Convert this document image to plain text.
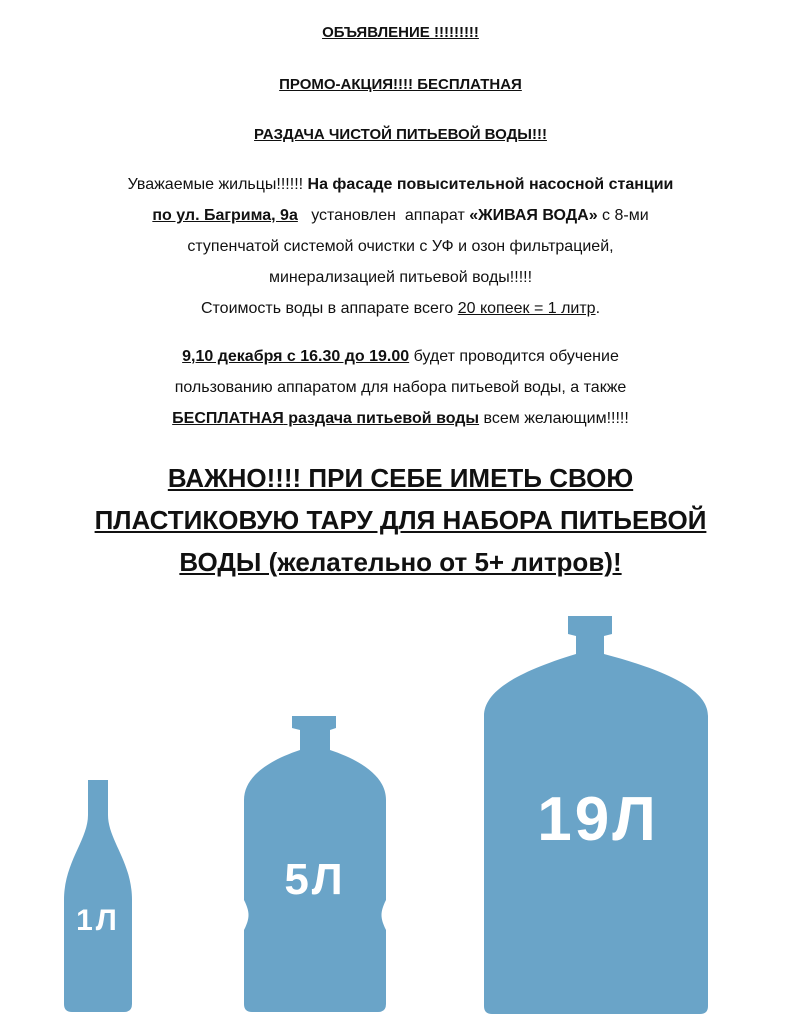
ОБЪЯВЛЕНИЕ !!!!!!!!!

ПРОМО-АКЦИЯ!!!! БЕСПЛАТНАЯ

РАЗДАЧА ЧИСТОЙ ПИТЬЕВОЙ ВОДЫ!!!

Уважаемые жильцы!!!!!! На фасаде повысительной насосной станции

по ул. Багрима, 9а   установлен  аппарат «ЖИВАЯ ВОДА» с 8-ми

ступенчатой системой очистки с УФ и озон фильтрацией,

минерализацией питьевой воды!!!!!

Стоимость воды в аппарате всего 20 копеек = 1 литр.

9,10 декабря с 16.30 до 19.00 будет проводится обучение

пользованию аппаратом для набора питьевой воды, а также

БЕСПЛАТНАЯ раздача питьевой воды всем желающим!!!!!

ВАЖНО!!!! ПРИ СЕБЕ ИМЕТЬ СВОЮ
ПЛАСТИКОВУЮ ТАРУ ДЛЯ НАБОРА ПИТЬЕВОЙ
ВОДЫ (желательно от 5+ литров)!
1Л
5Л
19Л
